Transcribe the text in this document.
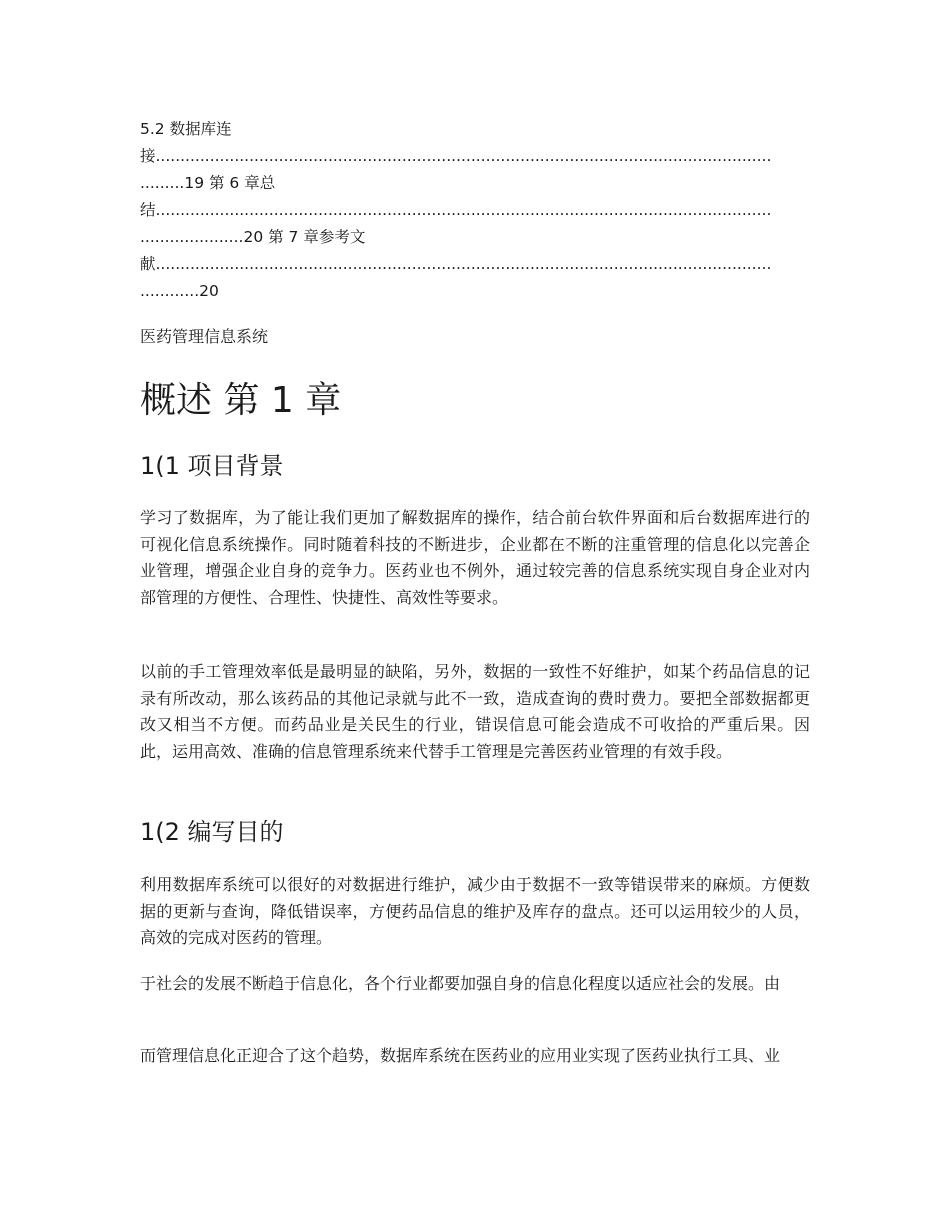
5.2 数据库连
接.............................................................................................................................
.........19 第 6 章总
结.............................................................................................................................
.....................20 第 7 章参考文
献.............................................................................................................................
............20
医药管理信息系统
概述 第 1 章
1(1 项目背景

学习了数据库，为了能让我们更加了解数据库的操作，结合前台软件界面和后台数据库进行的可视化信息系统操作。同时随着科技的不断进步，企业都在不断的注重管理的信息化以完善企业管理，增强企业自身的竞争力。医药业也不例外，通过较完善的信息系统实现自身企业对内部管理的方便性、合理性、快捷性、高效性等要求。

以前的手工管理效率低是最明显的缺陷，另外，数据的一致性不好维护，如某个药品信息的记录有所改动，那么该药品的其他记录就与此不一致，造成查询的费时费力。要把全部数据都更改又相当不方便。而药品业是关民生的行业，错误信息可能会造成不可收拾的严重后果。因此，运用高效、准确的信息管理系统来代替手工管理是完善医药业管理的有效手段。

1(2 编写目的

利用数据库系统可以很好的对数据进行维护，减少由于数据不一致等错误带来的麻烦。方便数据的更新与查询，降低错误率，方便药品信息的维护及库存的盘点。还可以运用较少的人员，高效的完成对医药的管理。

于社会的发展不断趋于信息化，各个行业都要加强自身的信息化程度以适应社会的发展。由

而管理信息化正迎合了这个趋势，数据库系统在医药业的应用业实现了医药业执行工具、业
